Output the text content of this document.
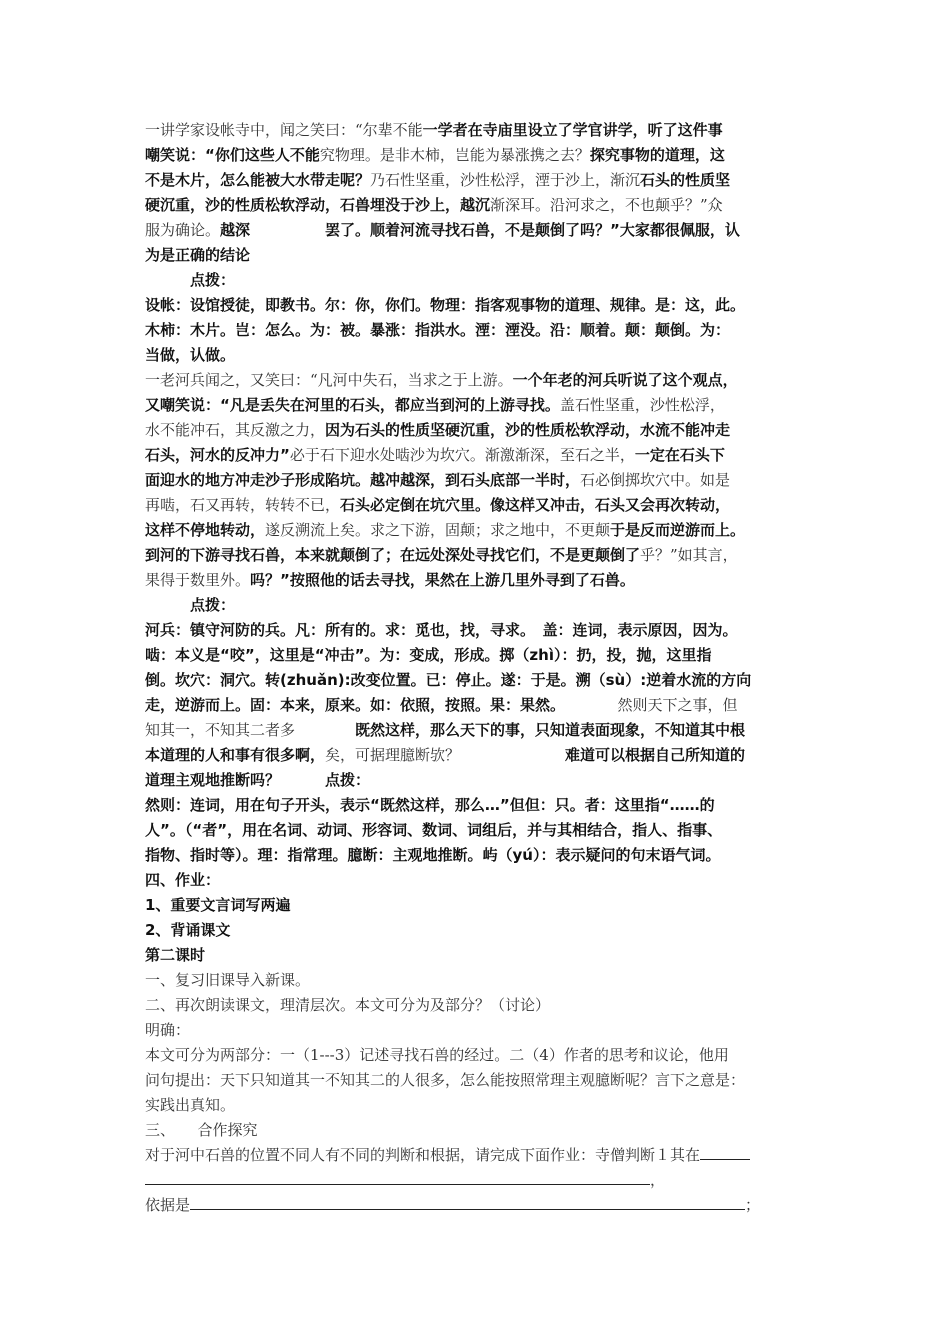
一讲学家设帐寺中，闻之笑曰：“尔辈不能一学者在寺庙里设立了学官讲学，听了这件事
嘲笑说：“你们这些人不能究物理。是非木柿，岂能为暴涨携之去？探究事物的道理，这
不是木片，怎么能被大水带走呢？乃石性坚重，沙性松浮，湮于沙上，渐沉石头的性质坚
硬沉重，沙的性质松软浮动，石兽埋没于沙上，越沉渐深耳。沿河求之，不也颠乎？”众
服为确论。越深　　　　　罢了。顺着河流寻找石兽，不是颠倒了吗？”大家都很佩服，认
为是正确的结论
　　　点拨：
设帐：设馆授徒，即教书。尔：你，你们。物理：指客观事物的道理、规律。是：这，此。
木柿：木片。岂：怎么。为：被。暴涨：指洪水。湮：湮没。沿：顺着。颠：颠倒。为：
当做，认做。
一老河兵闻之，又笑曰：“凡河中失石，当求之于上游。一个年老的河兵听说了这个观点，
又嘲笑说：“凡是丢失在河里的石头，都应当到河的上游寻找。盖石性坚重，沙性松浮，
水不能冲石，其反激之力，因为石头的性质坚硬沉重，沙的性质松软浮动，水流不能冲走
石头，河水的反冲力”必于石下迎水处啮沙为坎穴。渐激渐深，至石之半，一定在石头下
面迎水的地方冲走沙子形成陷坑。越冲越深，到石头底部一半时，石必倒掷坎穴中。如是
再啮，石又再转，转转不已，石头必定倒在坑穴里。像这样又冲击，石头又会再次转动，
这样不停地转动，遂反溯流上矣。求之下游，固颠；求之地中，不更颠于是反而逆游而上。
到河的下游寻找石兽，本来就颠倒了；在远处深处寻找它们，不是更颠倒了乎？”如其言，
果得于数里外。吗？”按照他的话去寻找，果然在上游几里外寻到了石兽。
　　　点拨：
河兵：镇守河防的兵。凡：所有的。求：觅也，找，寻求。　盖：连词，表示原因，因为。
啮：本义是“咬”，这里是“冲击”。为：变成，形成。掷（zhì）：扔，投，抛，这里指
倒。坎穴：洞穴。转(zhuǎn):改变位置。已：停止。遂：于是。溯（sù）:逆着水流的方向
走，逆游而上。固：本来，原来。如：依照，按照。果：果然。　　　　然则天下之事，但
知其一，不知其二者多　　　　既然这样，那么天下的事，只知道表面现象，不知道其中根
本道理的人和事有很多啊，矣，可据理臆断欤？　　　　　　　难道可以根据自己所知道的
道理主观地推断吗？　　　点拨：
然则：连词，用在句子开头，表示“既然这样，那么…”但但：只。者：这里指“……的
人”。（“者”，用在名词、动词、形容词、数词、词组后，并与其相结合，指人、指事、
指物、指时等）。理：指常理。臆断：主观地推断。屿（yú）：表示疑问的句末语气词。
四、作业：
1、重要文言词写两遍
2、背诵课文
第二课时
一、复习旧课导入新课。
二、再次朗读课文，理清层次。本文可分为及部分？（讨论）
明确：
本文可分为两部分：一（1---3）记述寻找石兽的经过。二（4）作者的思考和议论，他用
问句提出：天下只知道其一不知其二的人很多，怎么能按照常理主观臆断呢？言下之意是：
实践出真知。
三、　　合作探究
对于河中石兽的位置不同人有不同的判断和根据，请完成下面作业：寺僧判断１其在
，
依据是	；
